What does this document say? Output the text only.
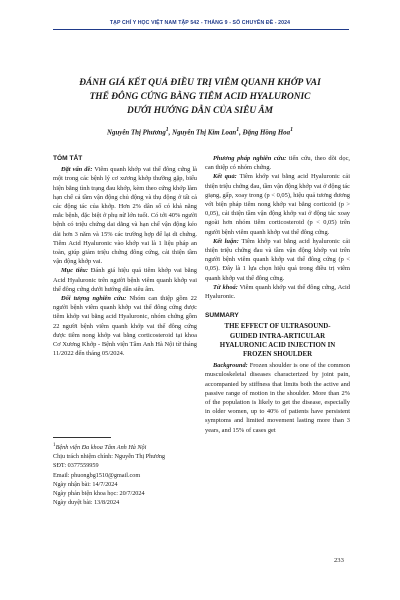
TẠP CHÍ Y HỌC VIỆT NAM TẬP 542 - THÁNG 9 - SỐ CHUYÊN ĐỀ - 2024
ĐÁNH GIÁ KẾT QUẢ ĐIỀU TRỊ VIÊM QUANH KHỚP VAI
THỂ ĐÔNG CỨNG BẰNG TIÊM ACID HYALURONIC
DƯỚI HƯỚNG DẪN CỦA SIÊU ÂM
Nguyễn Thị Phương$^1$, Nguyễn Thị Kim Loan$^1$, Đặng Hồng Hoa$^1$
TÓM TẮT

Đặt vấn đề: Viêm quanh khớp vai thể đông cứng là một trong các bệnh lý cơ xương khớp thường gặp, biểu hiện bằng tình trạng đau khớp, kèm theo cứng khớp làm hạn chế cả tầm vận động chủ động và thụ động ở tất cả các động tác của khớp. Hơn 2% dân số có khả năng mắc bệnh, đặc biệt ở phụ nữ lớn tuổi. Có tới 40% người bệnh có triệu chứng dai dẳng và hạn chế vận động kéo dài hơn 3 năm và 15% các trường hợp để lại di chứng. Tiêm Acid Hyaluronic vào khớp vai là 1 liệu pháp an toàn, giúp giảm triệu chứng đông cứng, cải thiện tầm vận động khớp vai.

Mục tiêu: Đánh giá hiệu quả tiêm khớp vai bằng Acid Hyaluronic trên người bệnh viêm quanh khớp vai thể đông cứng dưới hướng dẫn siêu âm.

Đối tượng nghiên cứu: Nhóm can thiệp gồm 22 người bệnh viêm quanh khớp vai thể đông cứng được tiêm khớp vai bằng acid Hyaluronic, nhóm chứng gồm 22 người bệnh viêm quanh khớp vai thể đông cứng được tiêm nong khớp vai bằng corticosteroid tại khoa Cơ Xương Khớp - Bệnh viện Tâm Anh Hà Nội từ tháng 11/2022 đến tháng 05/2024.

$^1$Bệnh viện Đa khoa Tâm Anh Hà Nội
Chịu trách nhiệm chính: Nguyễn Thị Phương
SĐT: 0377559959
Email: phuongbg1510@gmail.com
Ngày nhận bài: 14/7/2024
Ngày phản biện khoa học: 20/7/2024
Ngày duyệt bài: 13/8/2024

Phương pháp nghiên cứu: tiến cứu, theo dõi dọc, can thiệp có nhóm chứng.

Kết quả: Tiêm khớp vai bằng acid Hyaluronic cải thiện triệu chứng đau, tầm vận động khớp vai ở động tác giạng, gấp, xoay trong (p < 0,05), hiệu quả tương đương với biện pháp tiêm nong khớp vai bằng corticoid (p > 0,05), cải thiện tầm vận động khớp vai ở động tác xoay ngoài hơn nhóm tiêm corticosteroid (p < 0,05) trên người bệnh viêm quanh khớp vai thể đông cứng.

Kết luận: Tiêm khớp vai bằng acid hyaluronic cải thiện triệu chứng đau và tầm vận động khớp vai trên người bệnh viêm quanh khớp vai thể đông cứng (p < 0,05). Đây là 1 lựa chọn hiệu quả trong điều trị viêm quanh khớp vai thể đông cứng.

Từ khoá: Viêm quanh khớp vai thể đông cứng, Acid Hyaluronic.

SUMMARY
THE EFFECT OF ULTRASOUND-
GUIDED INTRA-ARTICULAR
HYALURONIC ACID INJECTION IN
FROZEN SHOULDER

Background: Frozen shoulder is one of the common musculoskeletal diseases characterized by joint pain, accompanied by stiffness that limits both the active and passive range of motion in the shoulder. More than 2% of the population is likely to get the disease, especially in older women, up to 40% of patients have persistent symptoms and limited movement lasting more than 3 years, and 15% of cases get

233
